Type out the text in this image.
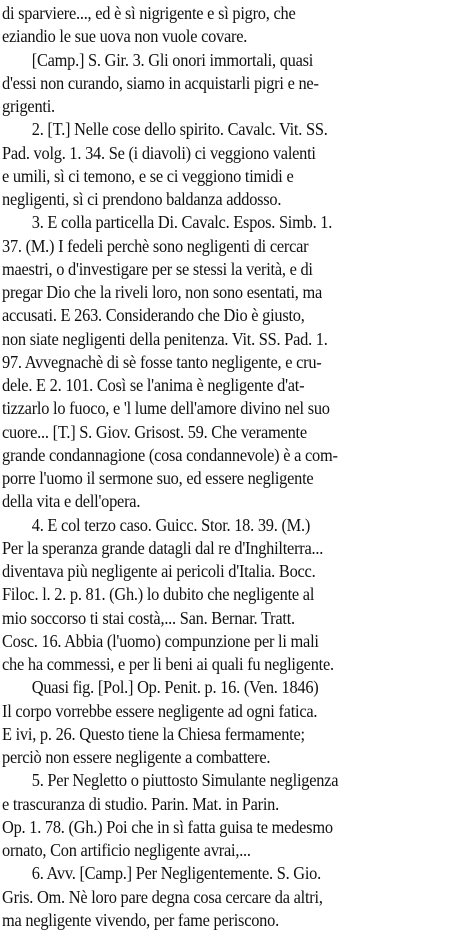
di sparviere..., ed è sì nigrigente e sì pigro, che
eziandio le sue uova non vuole covare.
[Camp.] S. Gir. 3. Gli onori immortali, quasi
d'essi non curando, siamo in acquistarli pigri e ne-
grigenti.
2. [T.] Nelle cose dello spirito. Cavalc. Vit. SS.
Pad. volg. 1. 34. Se (i diavoli) ci veggiono valenti
e umili, sì ci temono, e se ci veggiono timidi e
negligenti, sì ci prendono baldanza addosso.
3. E colla particella Di. Cavalc. Espos. Simb. 1.
37. (M.) I fedeli perchè sono negligenti di cercar
maestri, o d'investigare per se stessi la verità, e di
pregar Dio che la riveli loro, non sono esentati, ma
accusati. E 263. Considerando che Dio è giusto,
non siate negligenti della penitenza. Vit. SS. Pad. 1.
97. Avvegnachè di sè fosse tanto negligente, e cru-
dele. E 2. 101. Così se l'anima è negligente d'at-
tizzarlo lo fuoco, e 'l lume dell'amore divino nel suo
cuore... [T.] S. Giov. Grisost. 59. Che veramente
grande condannagione (cosa condannevole) è a com-
porre l'uomo il sermone suo, ed essere negligente
della vita e dell'opera.
4. E col terzo caso. Guicc. Stor. 18. 39. (M.)
Per la speranza grande datagli dal re d'Inghilterra...
diventava più negligente ai pericoli d'Italia. Bocc.
Filoc. l. 2. p. 81. (Gh.) lo dubito che negligente al
mio soccorso ti stai costà,... San. Bernar. Tratt.
Cosc. 16. Abbia (l'uomo) compunzione per li mali
che ha commessi, e per li beni ai quali fu negligente.
Quasi fig. [Pol.] Op. Penit. p. 16. (Ven. 1846)
Il corpo vorrebbe essere negligente ad ogni fatica.
E ivi, p. 26. Questo tiene la Chiesa fermamente;
perciò non essere negligente a combattere.
5. Per Negletto o piuttosto Simulante negligenza
e trascuranza di studio. Parin. Mat. in Parin.
Op. 1. 78. (Gh.) Poi che in sì fatta guisa te medesmo
ornato, Con artificio negligente avrai,...
6. Avv. [Camp.] Per Negligentemente. S. Gio.
Gris. Om. Nè loro pare degna cosa cercare da altri,
ma negligente vivendo, per fame periscono.
